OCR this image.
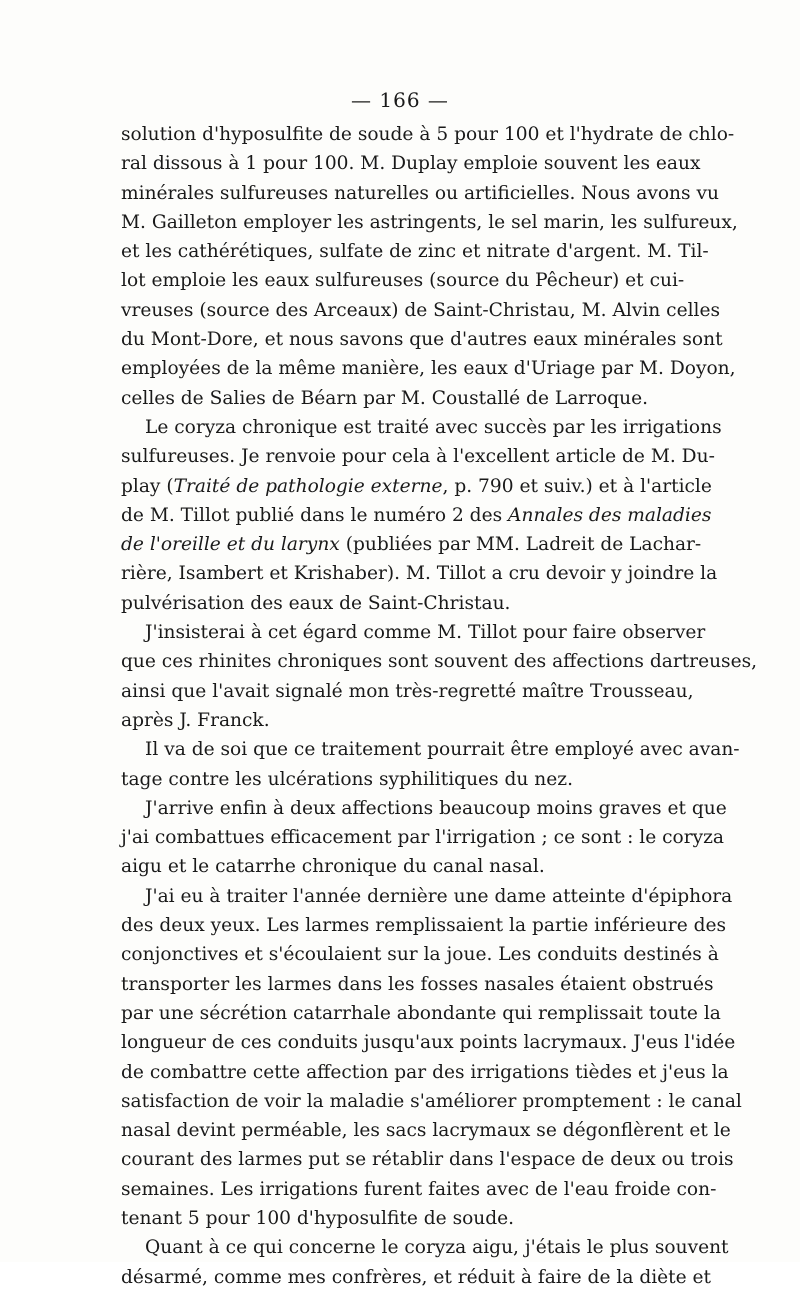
— 166 —
solution d'hyposulfite de soude à 5 pour 100 et l'hydrate de chlo-
ral dissous à 1 pour 100. M. Duplay emploie souvent les eaux
minérales sulfureuses naturelles ou artificielles. Nous avons vu
M. Gailleton employer les astringents, le sel marin, les sulfureux,
et les cathérétiques, sulfate de zinc et nitrate d'argent. M. Til-
lot emploie les eaux sulfureuses (source du Pêcheur) et cui-
vreuses (source des Arceaux) de Saint-Christau, M. Alvin celles
du Mont-Dore, et nous savons que d'autres eaux minérales sont
employées de la même manière, les eaux d'Uriage par M. Doyon,
celles de Salies de Béarn par M. Coustallé de Larroque.
Le coryza chronique est traité avec succès par les irrigations
sulfureuses. Je renvoie pour cela à l'excellent article de M. Du-
play (Traité de pathologie externe, p. 790 et suiv.) et à l'article
de M. Tillot publié dans le numéro 2 des Annales des maladies
de l'oreille et du larynx (publiées par MM. Ladreit de Lachar-
rière, Isambert et Krishaber). M. Tillot a cru devoir y joindre la
pulvérisation des eaux de Saint-Christau.
J'insisterai à cet égard comme M. Tillot pour faire observer
que ces rhinites chroniques sont souvent des affections dartreuses,
ainsi que l'avait signalé mon très-regretté maître Trousseau,
après J. Franck.
Il va de soi que ce traitement pourrait être employé avec avan-
tage contre les ulcérations syphilitiques du nez.
J'arrive enfin à deux affections beaucoup moins graves et que
j'ai combattues efficacement par l'irrigation ; ce sont : le coryza
aigu et le catarrhe chronique du canal nasal.
J'ai eu à traiter l'année dernière une dame atteinte d'épiphora
des deux yeux. Les larmes remplissaient la partie inférieure des
conjonctives et s'écoulaient sur la joue. Les conduits destinés à
transporter les larmes dans les fosses nasales étaient obstrués
par une sécrétion catarrhale abondante qui remplissait toute la
longueur de ces conduits jusqu'aux points lacrymaux. J'eus l'idée
de combattre cette affection par des irrigations tièdes et j'eus la
satisfaction de voir la maladie s'améliorer promptement : le canal
nasal devint perméable, les sacs lacrymaux se dégonflèrent et le
courant des larmes put se rétablir dans l'espace de deux ou trois
semaines. Les irrigations furent faites avec de l'eau froide con-
tenant 5 pour 100 d'hyposulfite de soude.
Quant à ce qui concerne le coryza aigu, j'étais le plus souvent
désarmé, comme mes confrères, et réduit à faire de la diète et
